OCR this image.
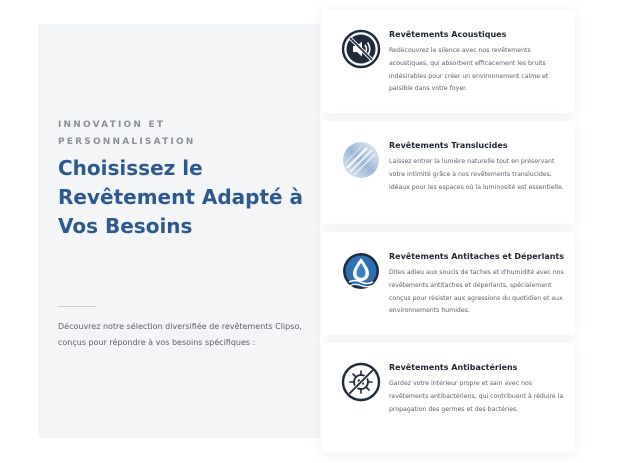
INNOVATION ET PERSONNALISATION
Choisissez le Revêtement Adapté à Vos Besoins
Découvrez notre sélection diversifiée de revêtements Clipso, conçus pour répondre à vos besoins spécifiques :
Revêtements Acoustiques
Redécouvrez le silence avec nos revêtements acoustiques, qui absorbent efficacement les bruits indésirables pour créer un environnement calme et paisible dans votre foyer.
Revêtements Translucides
Laissez entrer la lumière naturelle tout en préservant votre intimité grâce à nos revêtements translucides, idéaux pour les espaces où la luminosité est essentielle.
Revêtements Antitaches et Déperlants
Dites adieu aux soucis de taches et d'humidité avec nos revêtements antitaches et déperlants, spécialement conçus pour résister aux agressions du quotidien et aux environnements humides.
Revêtements Antibactériens
Gardez votre intérieur propre et sain avec nos revêtements antibactériens, qui contribuent à réduire la propagation des germes et des bactéries.
